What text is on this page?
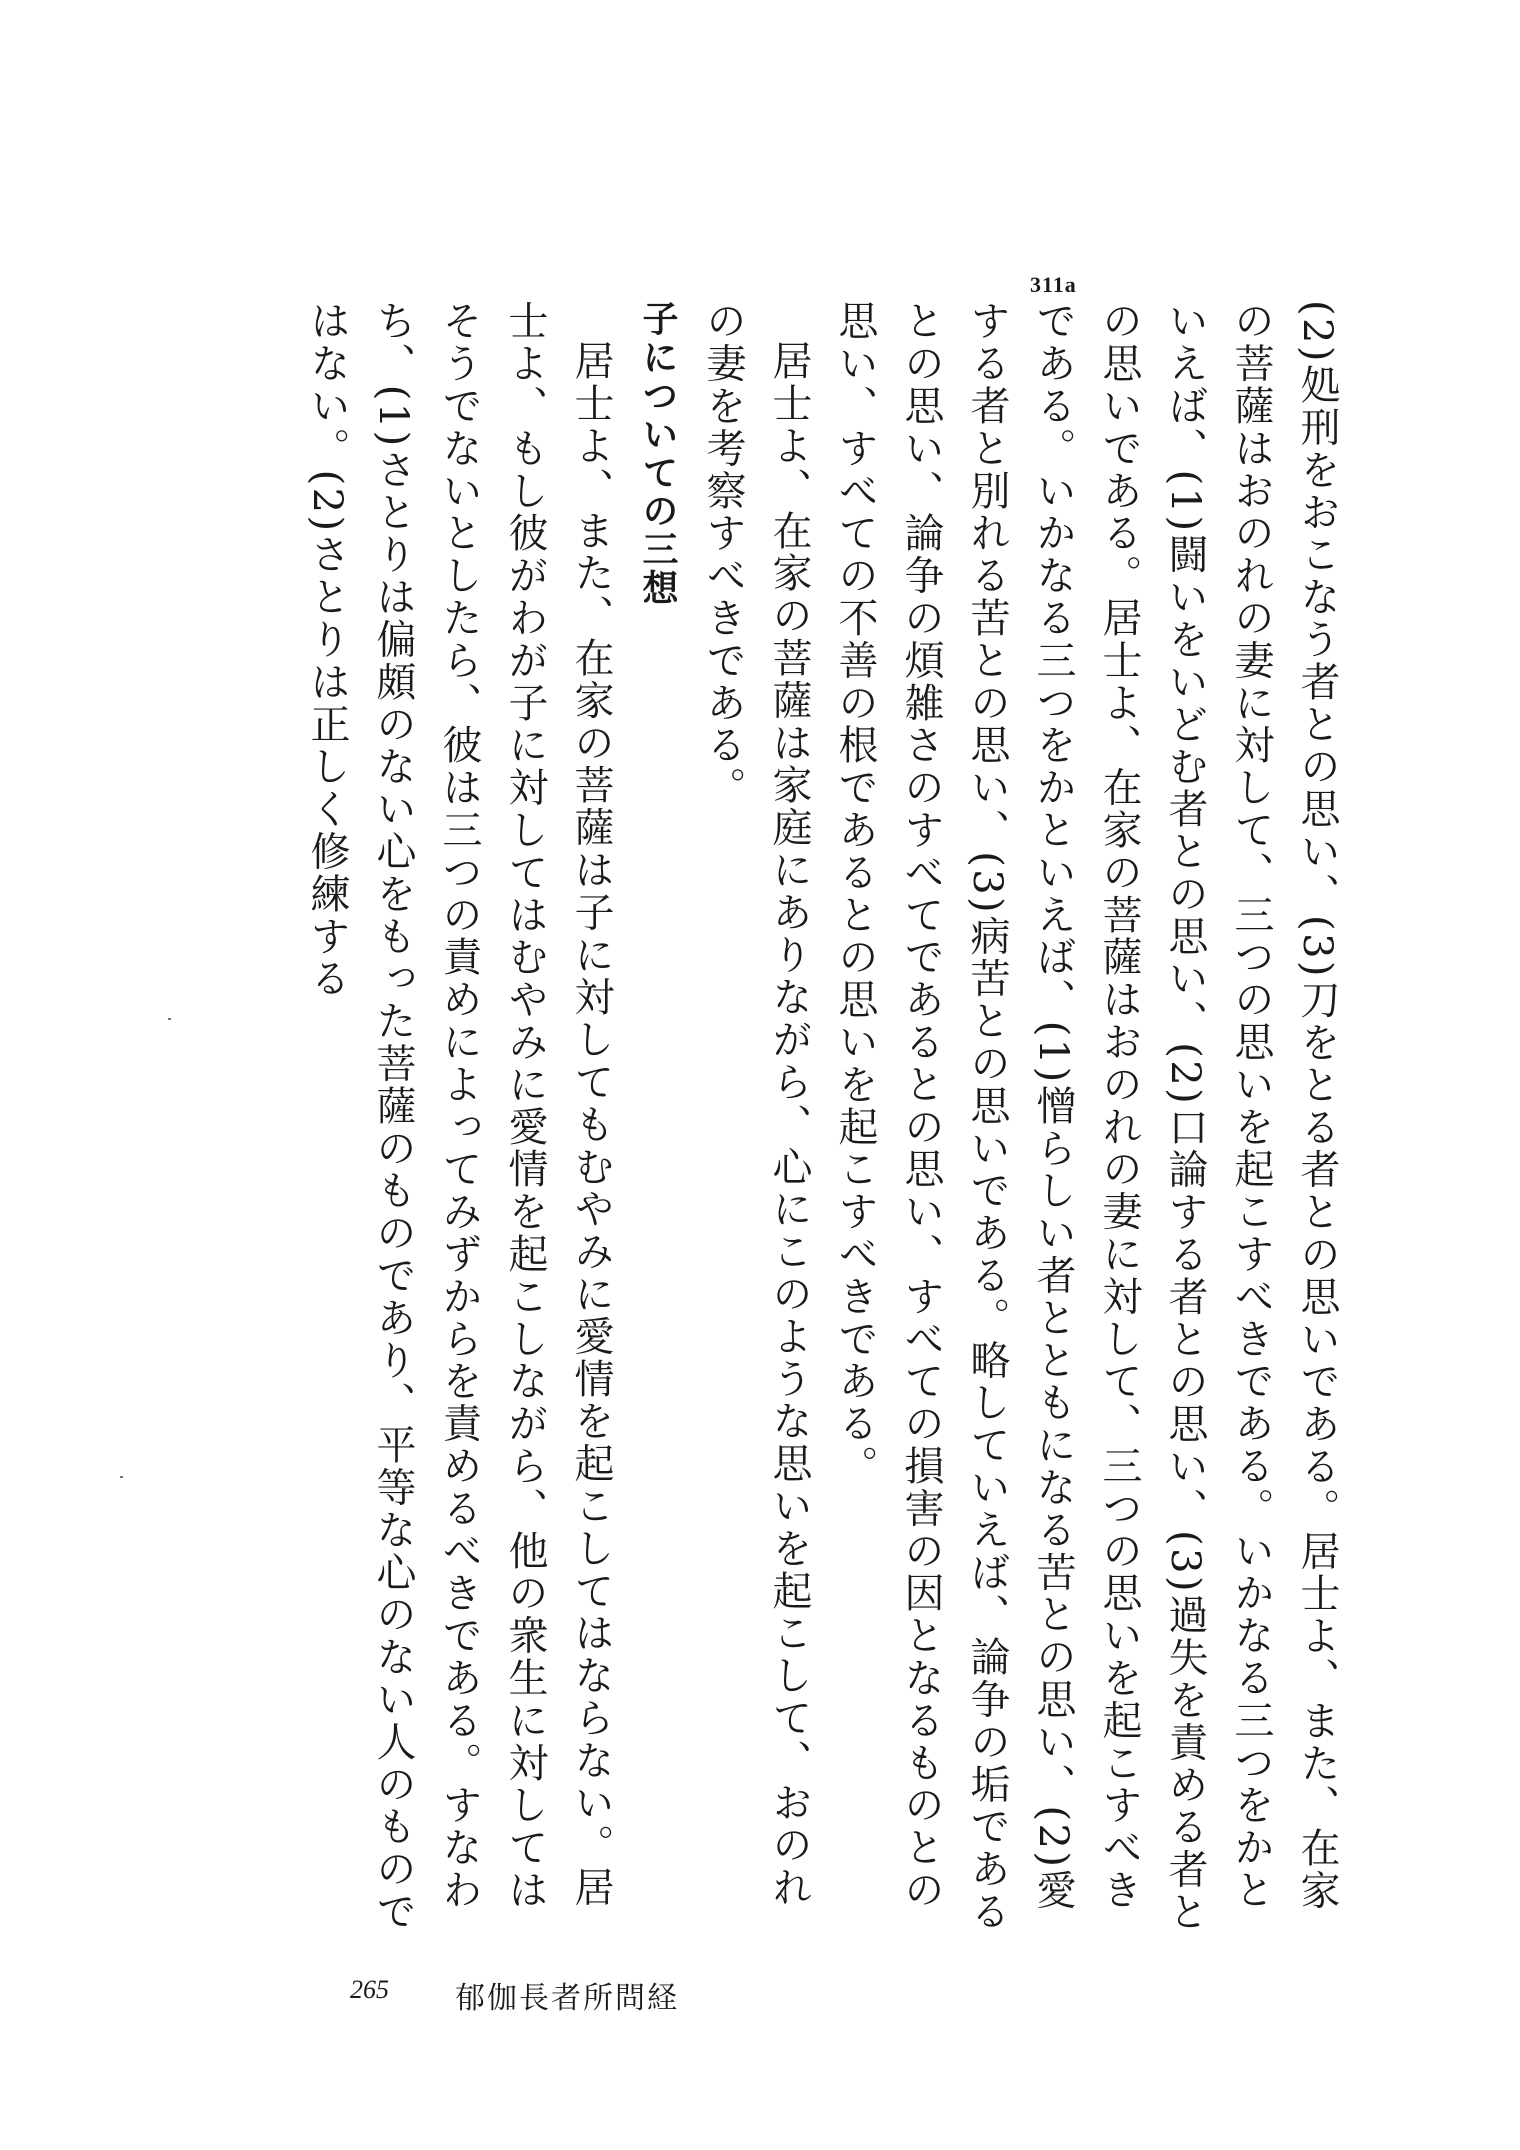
311a

(2)処刑をおこなう者との思い、(3)刀をとる者との思いである。居士よ、また、在家の菩薩はおのれの妻に対して、三つの思いを起こすべきである。いかなる三つをかといえば、(1)闘いをいどむ者との思い、(2)口論する者との思い、(3)過失を責める者との思いである。居士よ、在家の菩薩はおのれの妻に対して、三つの思いを起こすべきである。いかなる三つをかといえば、(1)憎らしい者とともになる苦との思い、(2)愛する者と別れる苦との思い、(3)病苦との思いである。略していえば、論争の垢であるとの思い、論争の煩雑さのすべてであるとの思い、すべての損害の因となるものとの思い、すべての不善の根であるとの思いを起こすべきである。

居士よ、在家の菩薩は家庭にありながら、心にこのような思いを起こして、おのれの妻を考察すべきである。

子についての三想

居士よ、また、在家の菩薩は子に対してもむやみに愛情を起こしてはならない。居士よ、もし彼がわが子に対してはむやみに愛情を起こしながら、他の衆生に対してはそうでないとしたら、彼は三つの責めによってみずからを責めるべきである。すなわち、(1)さとりは偏頗のない心をもった菩薩のものであり、平等な心のない人のものではない。(2)さとりは正しく修練する

265 郁伽長者所問経
